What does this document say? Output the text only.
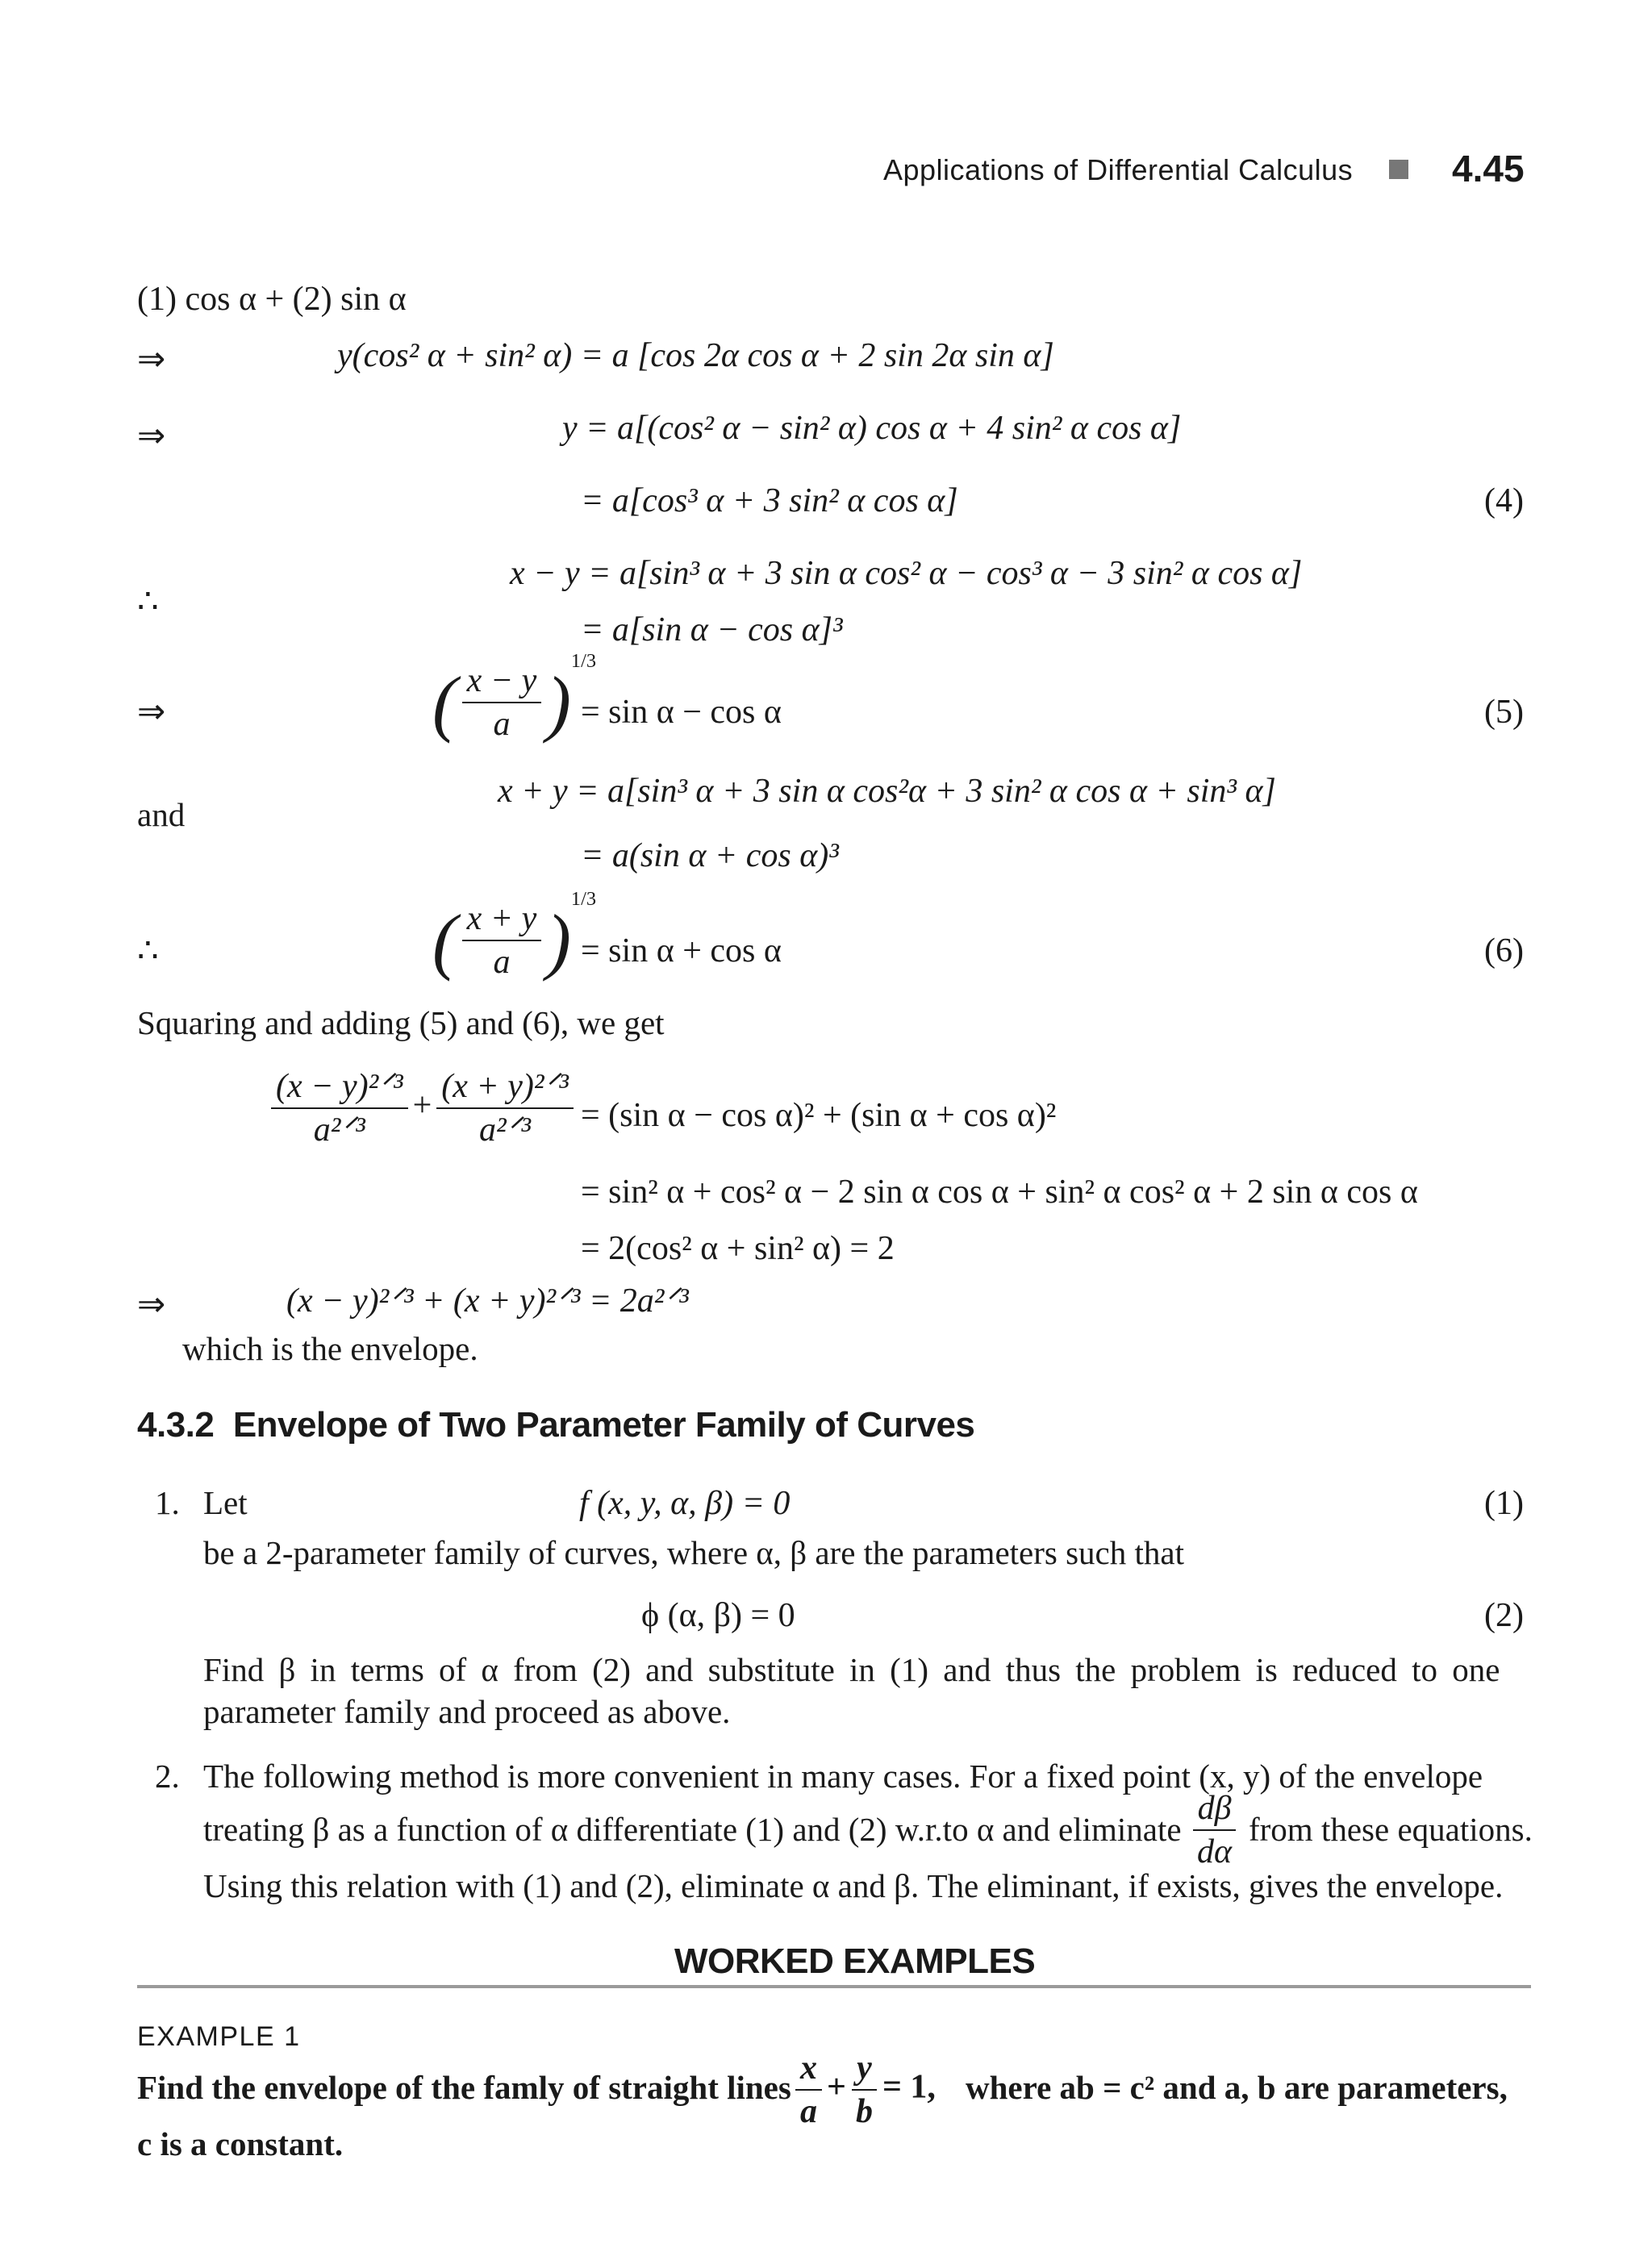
Applications of Differential Calculus	4.45
(1) cos α + (2) sin α
⇒	y(cos² α + sin² α) = a [cos 2α cos α + 2 sin 2α sin α]
⇒	y = a[(cos² α − sin² α) cos α + 4 sin² α cos α]
= a[cos³ α + 3 sin² α cos α]	(4)
x − y = a[sin³ α + 3 sin α cos² α − cos³ α − 3 sin² α cos α]
∴
= a[sin α − cos α]³
⇒	( $\frac{x - y}{a} )^{1/3}$
= sin α − cos α	(5)
and
x + y = a[sin³ α + 3 sin α cos²α + 3 sin² α cos α + sin³ α]
= a(sin α + cos α)³
∴	( $\frac{x + y}{a} )^{1/3}$
= sin α + cos α	(6)
Squaring and adding (5) and (6), we get
$\frac{\text{(x − y)²ᐟ³}}{\text{a²ᐟ³}} + \frac{\text{(x + y)²ᐟ³}}{\text{a²ᐟ³}} = (\sin$ α − cos α)² + (sin α + cos α)²
= sin² α + cos² α − 2 sin α cos α + sin² α cos² α + 2 sin α cos α
= 2(cos² α + sin² α) = 2
⇒	(x − y)²ᐟ³ + (x + y)²ᐟ³ = 2a²ᐟ³
which is the envelope.
4.3.2 Envelope of Two Parameter Family of Curves
1. Let	f (x, y, α, β) = 0	(1)
be a 2-parameter family of curves, where α, β are the parameters such that
ϕ (α, β) = 0	(2)
Find β in terms of α from (2) and substitute in (1) and thus the problem is reduced to one
parameter family and proceed as above.
2. The following method is more convenient in many cases. For a fixed point (x, y) of the envelope
treating β as a function of α differentiate (1) and (2) w.r.to α and eliminate $\frac{d\beta}{d\alpha}$ from these equations.
Using this relation with (1) and (2), eliminate α and β. The eliminant, if exists, gives the envelope.
WORKED EXAMPLES
EXAMPLE 1
Find the envelope of the famly of straight lines $\frac{x}{a} + \frac{y}{b} = 1$, where ab = c² and a, b are parameters,
c is a constant.
